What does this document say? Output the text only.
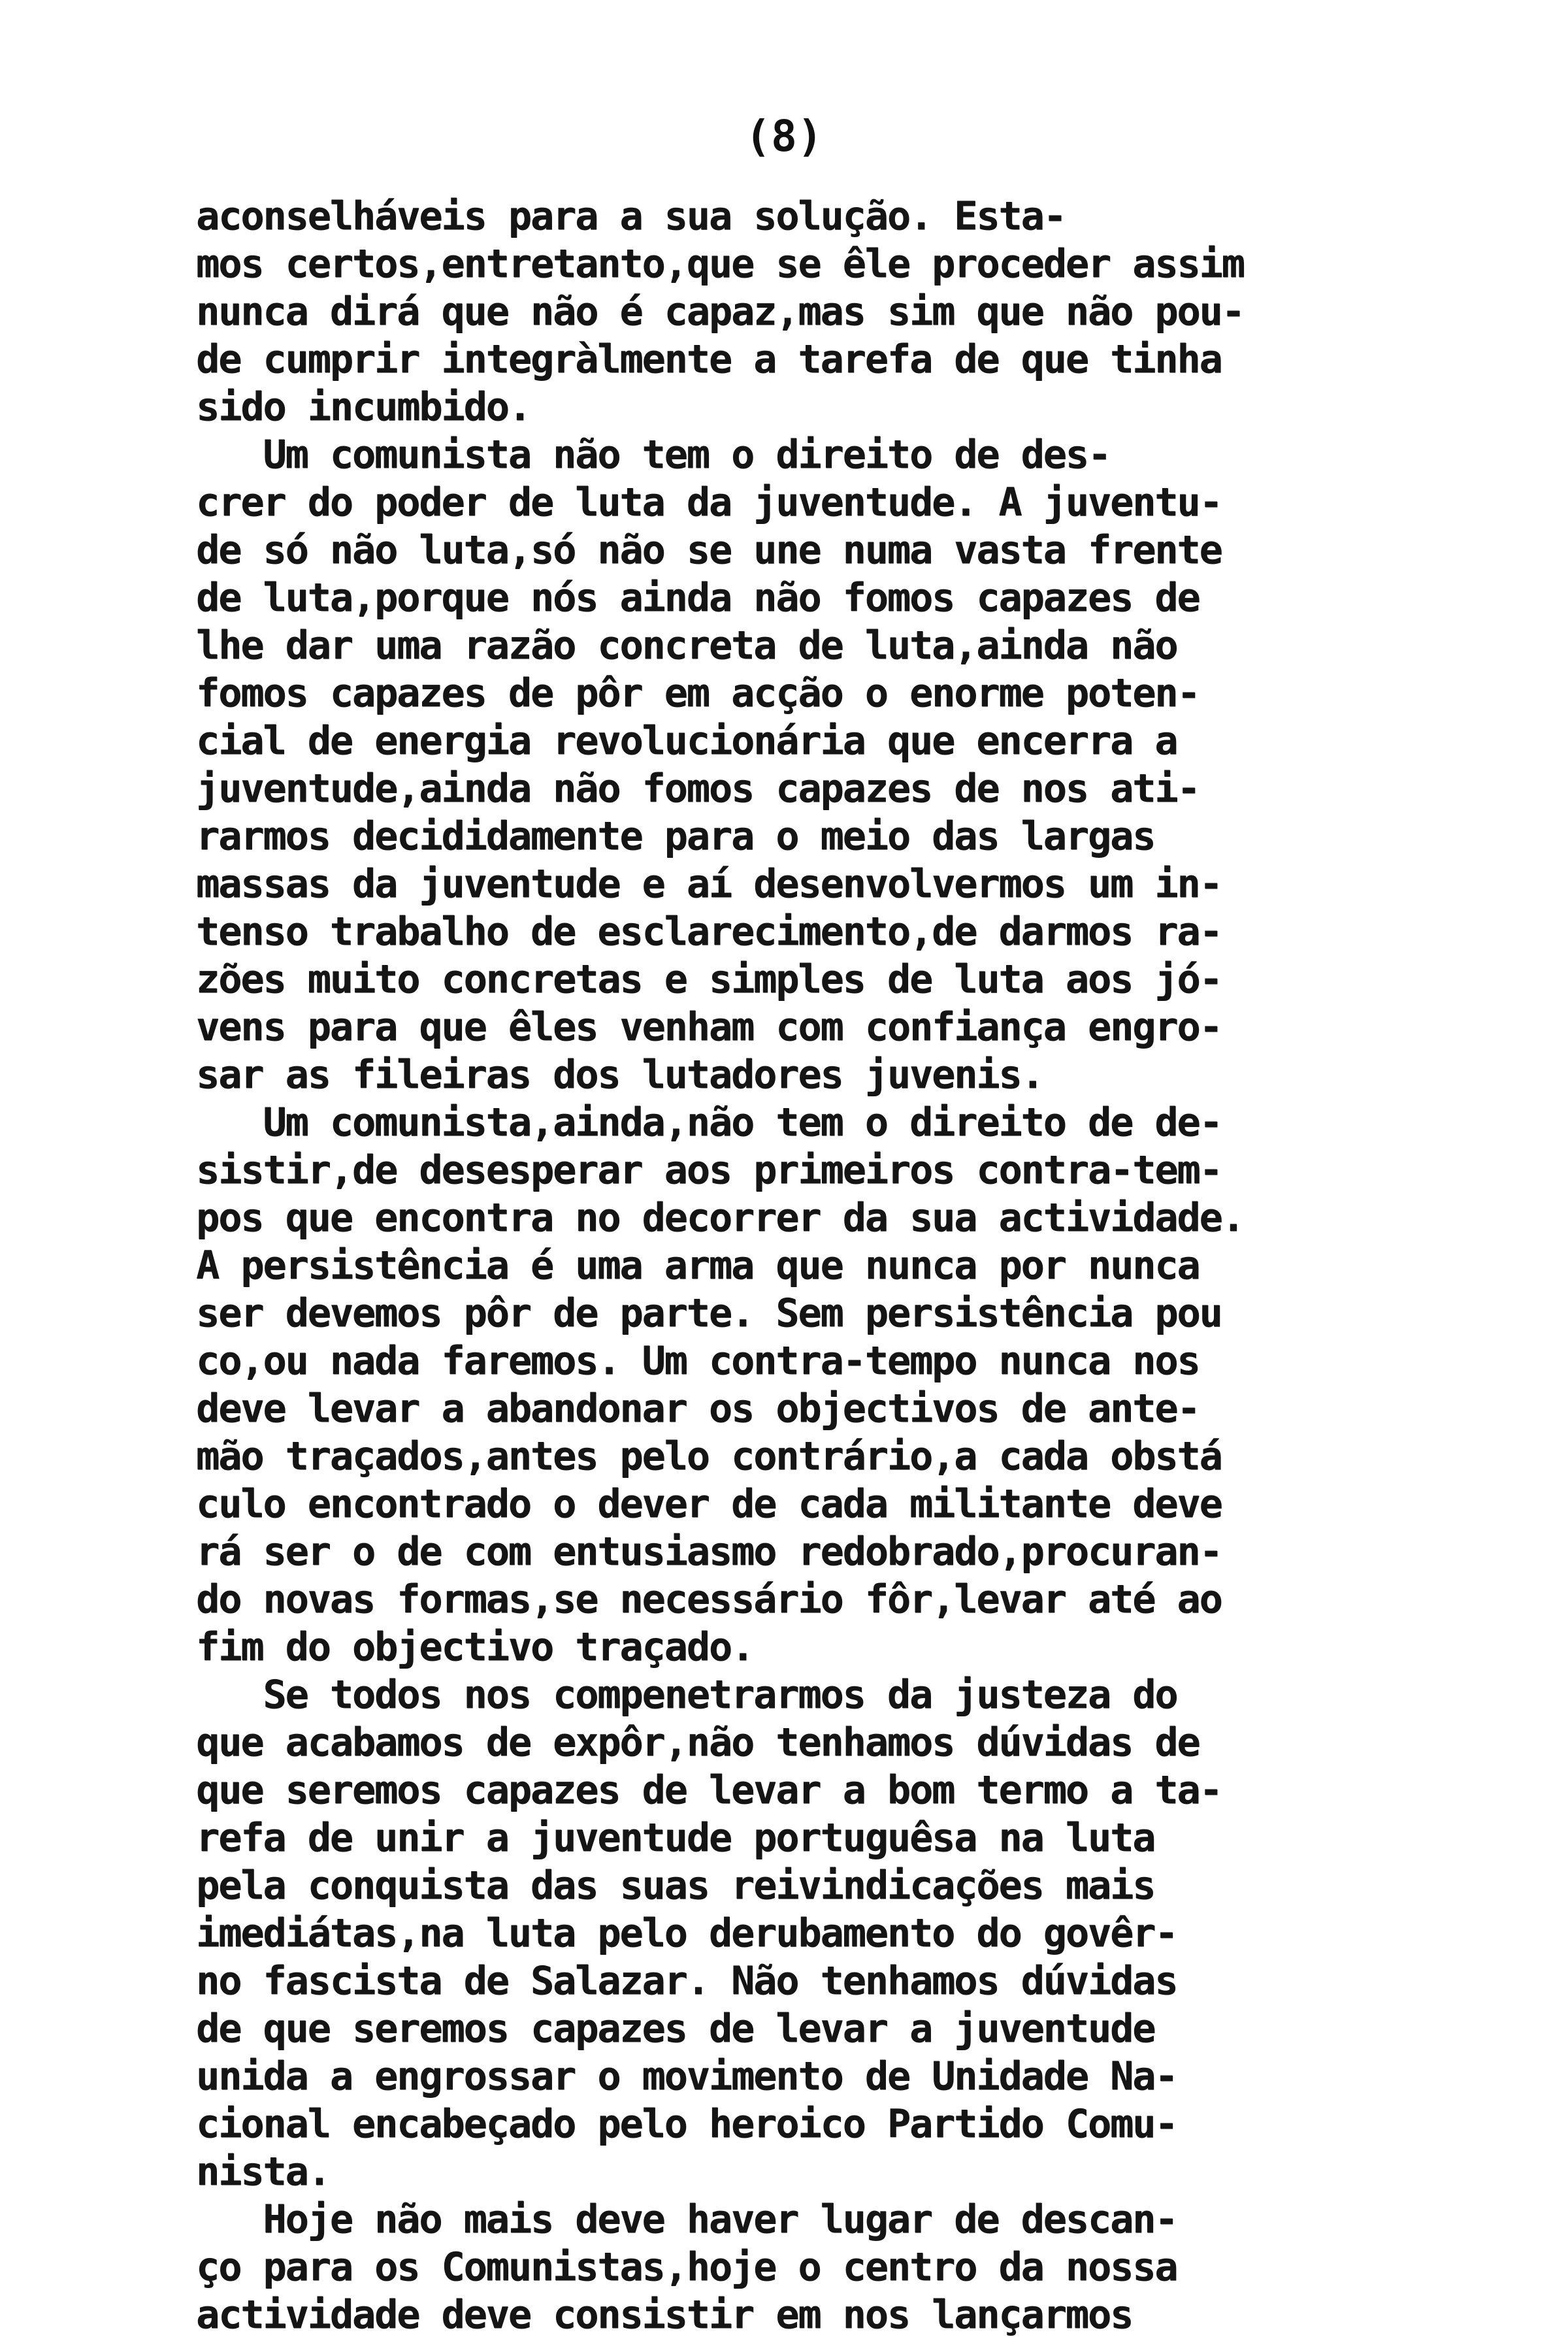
(8)
aconselháveis para a sua solução. Esta-
mos certos,entretanto,que se êle proceder assim
nunca dirá que não é capaz,mas sim que não pou-
de cumprir integràlmente a tarefa de que tinha
sido incumbido.
Um comunista não tem o direito de des-
crer do poder de luta da juventude. A juventu-
de só não luta,só não se une numa vasta frente
de luta,porque nós ainda não fomos capazes de
lhe dar uma razão concreta de luta,ainda não
fomos capazes de pôr em acção o enorme poten-
cial de energia revolucionária que encerra a
juventude,ainda não fomos capazes de nos ati-
rarmos decididamente para o meio das largas
massas da juventude e aí desenvolvermos um in-
tenso trabalho de esclarecimento,de darmos ra-
zões muito concretas e simples de luta aos jó-
vens para que êles venham com confiança engro-
sar as fileiras dos lutadores juvenis.
Um comunista,ainda,não tem o direito de de-
sistir,de desesperar aos primeiros contra-tem-
pos que encontra no decorrer da sua actividade.
A persistência é uma arma que nunca por nunca
ser devemos pôr de parte. Sem persistência pou
co,ou nada faremos. Um contra-tempo nunca nos
deve levar a abandonar os objectivos de ante-
mão traçados,antes pelo contrário,a cada obstá
culo encontrado o dever de cada militante deve
rá ser o de com entusiasmo redobrado,procuran-
do novas formas,se necessário fôr,levar até ao
fim do objectivo traçado.
Se todos nos compenetrarmos da justeza do
que acabamos de expôr,não tenhamos dúvidas de
que seremos capazes de levar a bom termo a ta-
refa de unir a juventude portuguêsa na luta
pela conquista das suas reivindicações mais
imediátas,na luta pelo derubamento do govêr-
no fascista de Salazar. Não tenhamos dúvidas
de que seremos capazes de levar a juventude
unida a engrossar o movimento de Unidade Na-
cional encabeçado pelo heroico Partido Comu-
nista.
Hoje não mais deve haver lugar de descan-
ço para os Comunistas,hoje o centro da nossa
actividade deve consistir em nos lançarmos
